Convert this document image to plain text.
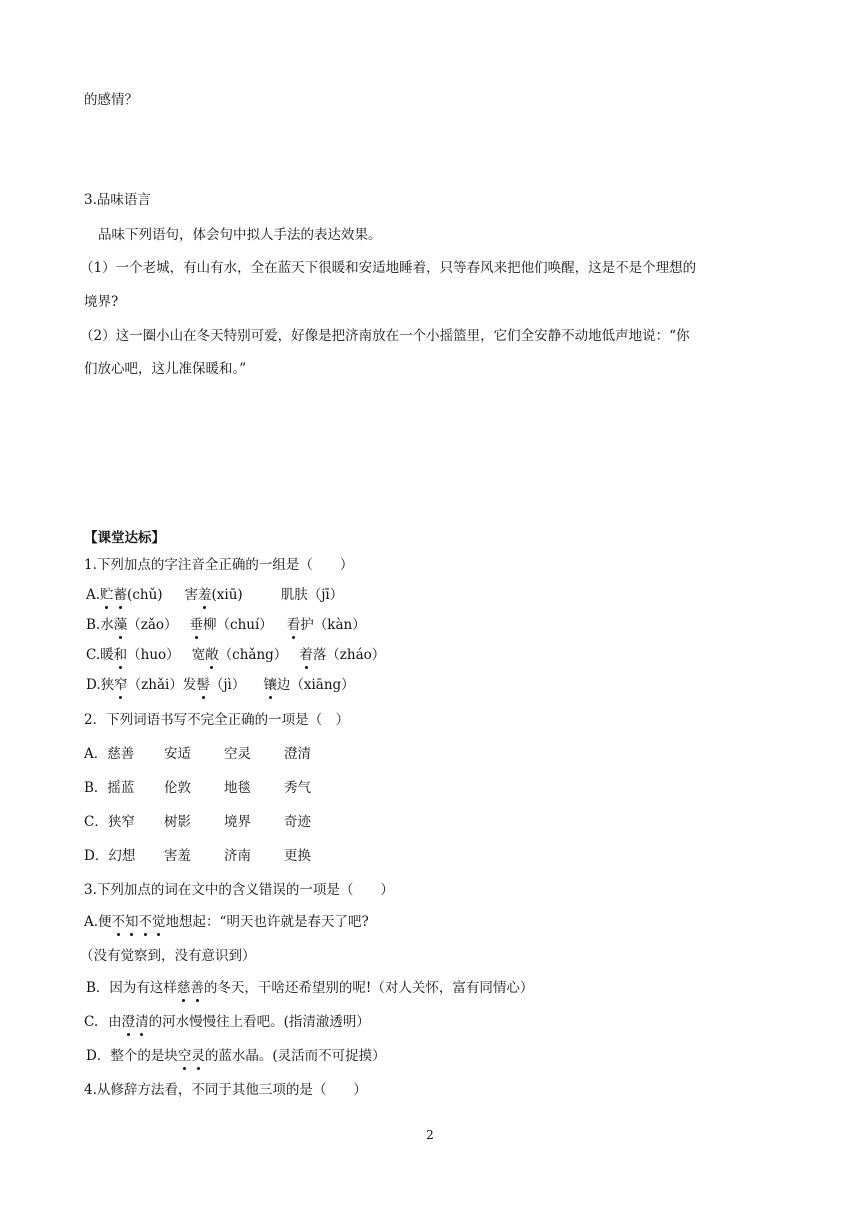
的感情？
3.品味语言
品味下列语句，体会句中拟人手法的表达效果。
（1）一个老城，有山有水，全在蓝天下很暖和安适地睡着，只等春风来把他们唤醒，这是不是个理想的
境界?
（2）这一圈小山在冬天特别可爱，好像是把济南放在一个小摇篮里，它们全安静不动地低声地说：“你
们放心吧，这儿准保暖和。”
【课堂达标】
1.下列加点的字注音全正确的一组是（　　）
A.贮蓄(chǔ) 害羞(xiū)	肌肤（jī）
B.水藻（zǎo） 垂柳（chuí） 看护（kàn）
C.暖和（huo） 宽敞（chǎng） 着落（zháo）
D.狭窄（zhǎi）发髻（jì） 镶边（xiāng）
2．下列词语书写不完全正确的一项是（　）
A．慈善 安适 空灵 澄清
B．摇蓝 伦敦 地毯 秀气
C．狭窄 树影 境界 奇迹
D．幻想 害羞 济南 更换
3.下列加点的词在文中的含义错误的一项是（　　）
A.便不知不觉地想起：“明天也许就是春天了吧?
（没有觉察到，没有意识到）
B．因为有这样慈善的冬天，干啥还希望别的呢!（对人关怀，富有同情心）
C. 由澄清的河水慢慢往上看吧。(指清澈透明）
D．整个的是块空灵的蓝水晶。(灵活而不可捉摸）
4.从修辞方法看，不同于其他三项的是（　　）
2
